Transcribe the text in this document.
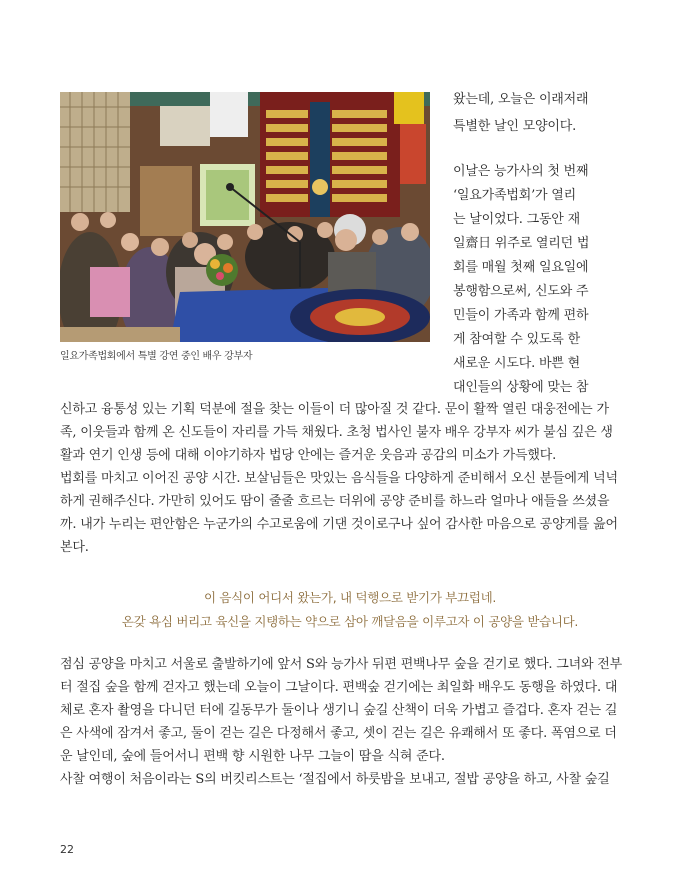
일요가족법회에서 특별 강연 중인 배우 강부자
왔는데, 오늘은 이래저래
특별한 날인 모양이다.
이날은 능가사의 첫 번째
‘일요가족법회’가 열리
는 날이었다. 그동안 재
일齋日 위주로 열리던 법
회를 매월 첫째 일요일에
봉행함으로써, 신도와 주
민들이 가족과 함께 편하
게 참여할 수 있도록 한
새로운 시도다. 바쁜 현
대인들의 상황에 맞는 참
신하고 융통성 있는 기획 덕분에 절을 찾는 이들이 더 많아질 것 같다. 문이 활짝 열린 대웅전에는 가
족, 이웃들과 함께 온 신도들이 자리를 가득 채웠다. 초청 법사인 불자 배우 강부자 씨가 불심 깊은 생
활과 연기 인생 등에 대해 이야기하자 법당 안에는 즐거운 웃음과 공감의 미소가 가득했다.
법회를 마치고 이어진 공양 시간. 보살님들은 맛있는 음식들을 다양하게 준비해서 오신 분들에게 넉넉
하게 권해주신다. 가만히 있어도 땀이 줄줄 흐르는 더위에 공양 준비를 하느라 얼마나 애들을 쓰셨을
까. 내가 누리는 편안함은 누군가의 수고로움에 기댄 것이로구나 싶어 감사한 마음으로 공양게를 읊어
본다.
이 음식이 어디서 왔는가, 내 덕행으로 받기가 부끄럽네.
온갖 욕심 버리고 육신을 지탱하는 약으로 삼아 깨달음을 이루고자 이 공양을 받습니다.
점심 공양을 마치고 서울로 출발하기에 앞서 S와 능가사 뒤편 편백나무 숲을 걷기로 했다. 그녀와 전부
터 절집 숲을 함께 걷자고 했는데 오늘이 그날이다. 편백숲 걷기에는 최일화 배우도 동행을 하였다. 대
체로 혼자 촬영을 다니던 터에 길동무가 둘이나 생기니 숲길 산책이 더욱 가볍고 즐겁다. 혼자 걷는 길
은 사색에 잠겨서 좋고, 둘이 걷는 길은 다정해서 좋고, 셋이 걷는 길은 유쾌해서 또 좋다. 폭염으로 더
운 날인데, 숲에 들어서니 편백 향 시원한 나무 그늘이 땀을 식혀 준다.
사찰 여행이 처음이라는 S의 버킷리스트는 ‘절집에서 하룻밤을 보내고, 절밥 공양을 하고, 사찰 숲길
22
